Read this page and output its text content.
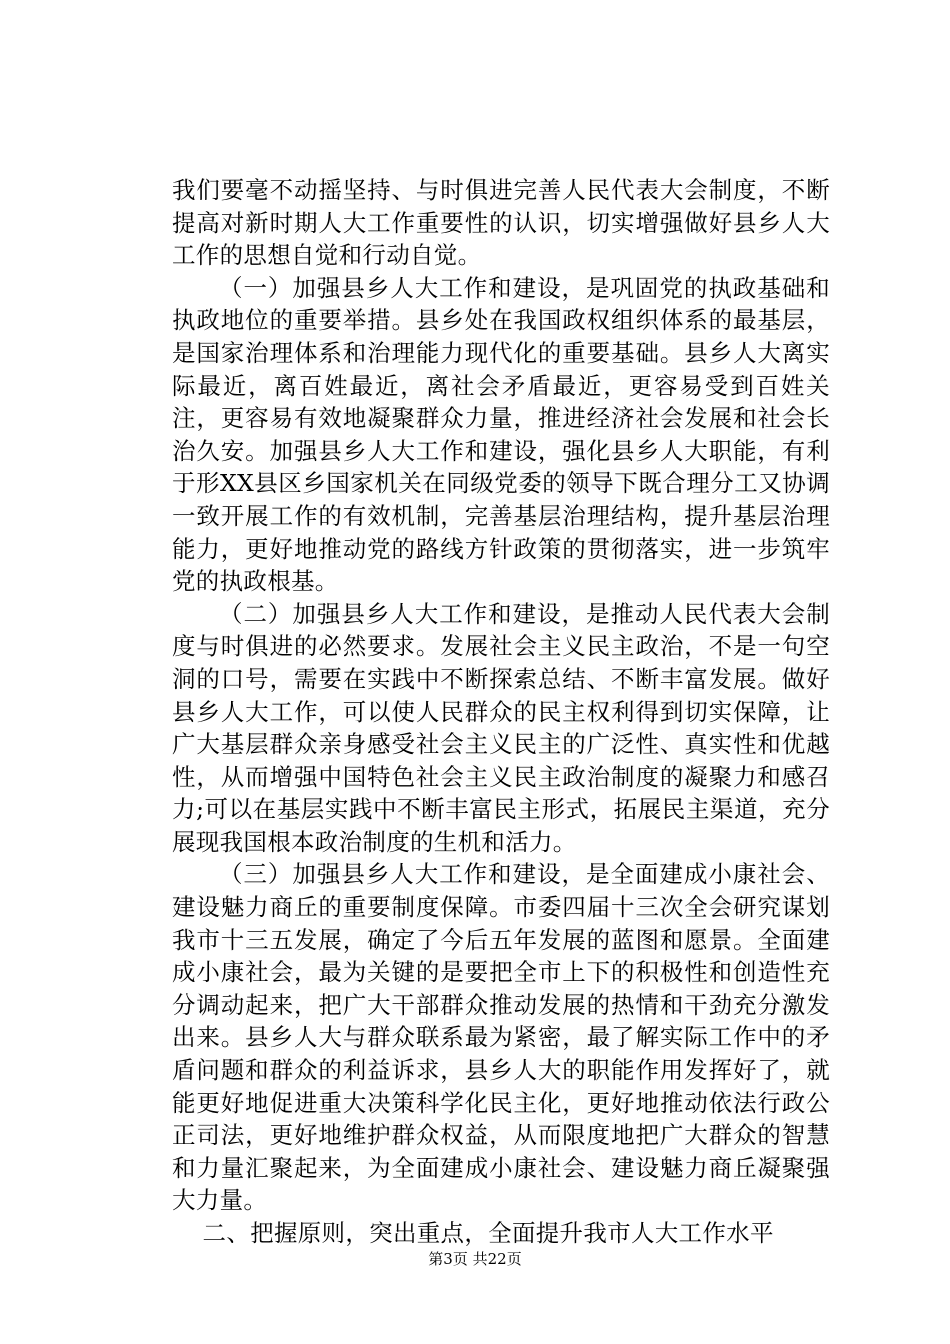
我们要毫不动摇坚持、与时俱进完善人民代表大会制度，不断提高对新时期人大工作重要性的认识，切实增强做好县乡人大工作的思想自觉和行动自觉。

（一）加强县乡人大工作和建设，是巩固党的执政基础和执政地位的重要举措。县乡处在我国政权组织体系的最基层，是国家治理体系和治理能力现代化的重要基础。县乡人大离实际最近，离百姓最近，离社会矛盾最近，更容易受到百姓关注，更容易有效地凝聚群众力量，推进经济社会发展和社会长治久安。加强县乡人大工作和建设，强化县乡人大职能，有利于形XX县区乡国家机关在同级党委的领导下既合理分工又协调一致开展工作的有效机制，完善基层治理结构，提升基层治理能力，更好地推动党的路线方针政策的贯彻落实，进一步筑牢党的执政根基。

（二）加强县乡人大工作和建设，是推动人民代表大会制度与时俱进的必然要求。发展社会主义民主政治，不是一句空洞的口号，需要在实践中不断探索总结、不断丰富发展。做好县乡人大工作，可以使人民群众的民主权利得到切实保障，让广大基层群众亲身感受社会主义民主的广泛性、真实性和优越性，从而增强中国特色社会主义民主政治制度的凝聚力和感召力;可以在基层实践中不断丰富民主形式，拓展民主渠道，充分展现我国根本政治制度的生机和活力。

（三）加强县乡人大工作和建设，是全面建成小康社会、建设魅力商丘的重要制度保障。市委四届十三次全会研究谋划我市十三五发展，确定了今后五年发展的蓝图和愿景。全面建成小康社会，最为关键的是要把全市上下的积极性和创造性充分调动起来，把广大干部群众推动发展的热情和干劲充分激发出来。县乡人大与群众联系最为紧密，最了解实际工作中的矛盾问题和群众的利益诉求，县乡人大的职能作用发挥好了，就能更好地促进重大决策科学化民主化，更好地推动依法行政公正司法，更好地维护群众权益，从而限度地把广大群众的智慧和力量汇聚起来，为全面建成小康社会、建设魅力商丘凝聚强大力量。

二、把握原则，突出重点，全面提升我市人大工作水平

第3页 共22页
